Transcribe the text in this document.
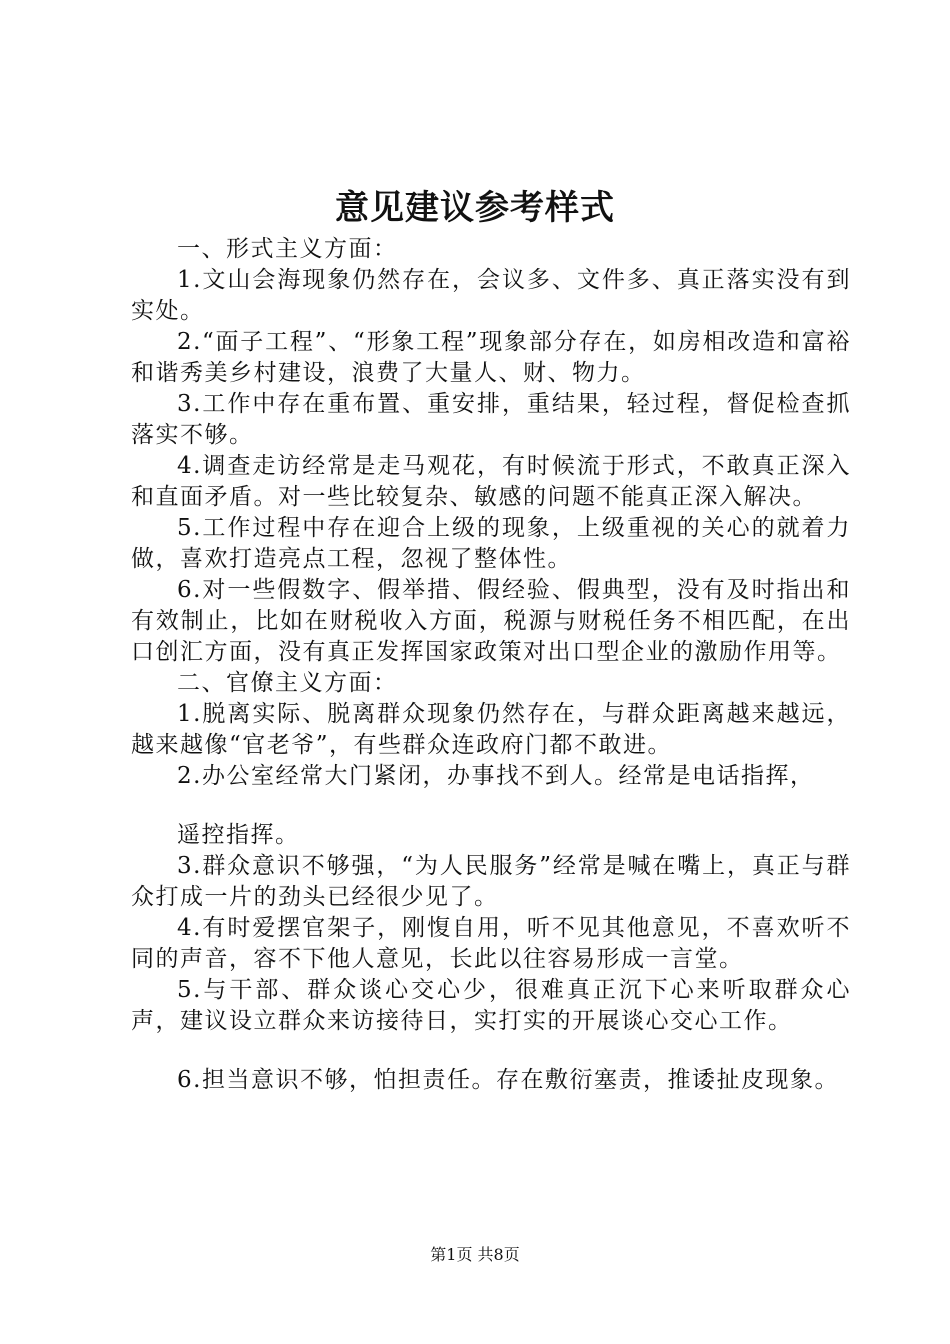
意见建议参考样式

一、形式主义方面：

1.文山会海现象仍然存在，会议多、文件多、真正落实没有到实处。

2.“面子工程”、“形象工程”现象部分存在，如房相改造和富裕和谐秀美乡村建设，浪费了大量人、财、物力。

3.工作中存在重布置、重安排，重结果，轻过程，督促检查抓落实不够。

4.调查走访经常是走马观花，有时候流于形式，不敢真正深入和直面矛盾。对一些比较复杂、敏感的问题不能真正深入解决。

5.工作过程中存在迎合上级的现象，上级重视的关心的就着力做，喜欢打造亮点工程，忽视了整体性。

6.对一些假数字、假举措、假经验、假典型，没有及时指出和有效制止，比如在财税收入方面，税源与财税任务不相匹配，在出口创汇方面，没有真正发挥国家政策对出口型企业的激励作用等。

二、官僚主义方面：

1.脱离实际、脱离群众现象仍然存在，与群众距离越来越远，越来越像“官老爷”，有些群众连政府门都不敢进。

2.办公室经常大门紧闭，办事找不到人。经常是电话指挥，

遥控指挥。

3.群众意识不够强，“为人民服务”经常是喊在嘴上，真正与群众打成一片的劲头已经很少见了。

4.有时爱摆官架子，刚愎自用，听不见其他意见，不喜欢听不同的声音，容不下他人意见，长此以往容易形成一言堂。

5.与干部、群众谈心交心少，很难真正沉下心来听取群众心声，建议设立群众来访接待日，实打实的开展谈心交心工作。

6.担当意识不够，怕担责任。存在敷衍塞责，推诿扯皮现象。

第1页 共8页
